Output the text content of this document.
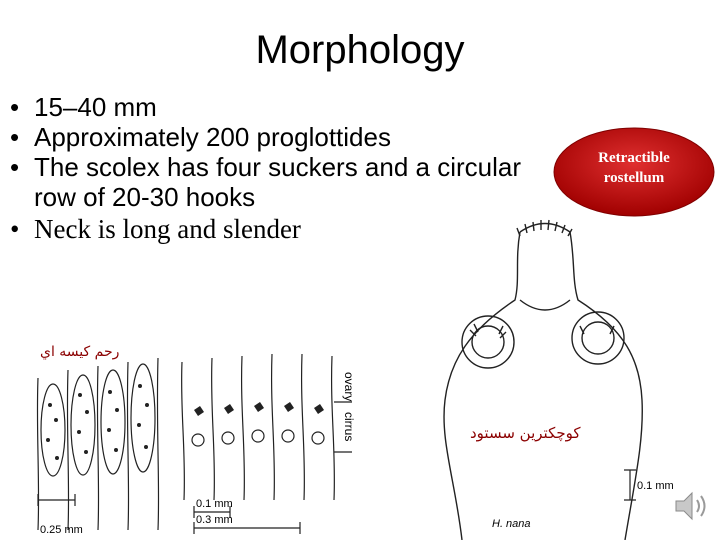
Morphology
• 15–40 mm
• Approximately 200 proglottides
• The scolex has four suckers and a circular row of 20-30 hooks
• Neck is long and slender
Retractible
rostellum
رحم كيسه اي
کوچکترین سستود
ovary
cirrus
0.1 mm
0.3 mm
0.25 mm
0.1 mm
H. nana
